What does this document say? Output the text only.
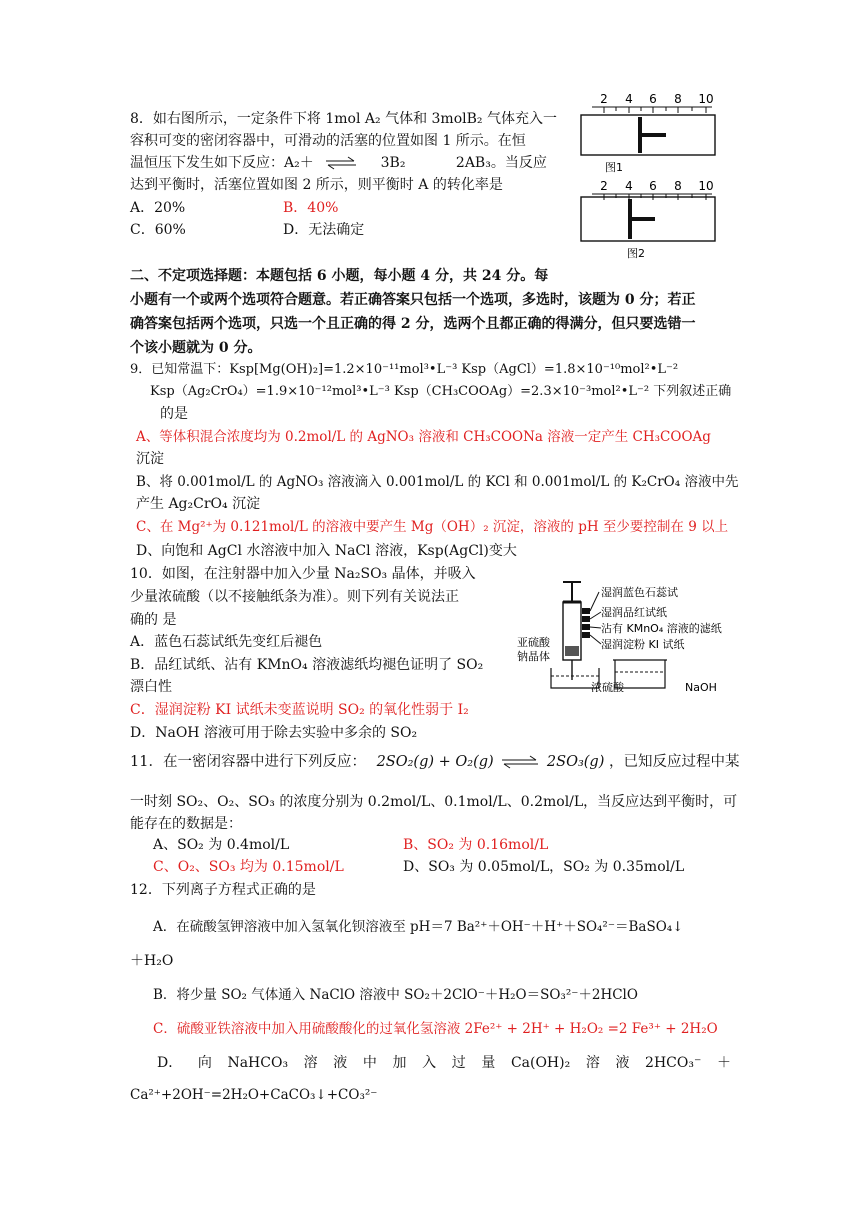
8．如右图所示，一定条件下将 1mol A₂ 气体和 3molB₂ 气体充入一
容积可变的密闭容器中，可滑动的活塞的位置如图 1 所示。在恒
温恒压下发生如下反应：A₂＋ ⇌ 3B₂	2AB₃。当反应
达到平衡时，活塞位置如图 2 所示，则平衡时 A 的转化率是
A．20%	B．40%
C．60%	D．无法确定
2 4 6 8 10
图1
2 4 6 8 10
图2
二、不定项选择题：本题包括 6 小题，每小题 4 分，共 24 分。每
小题有一个或两个选项符合题意。若正确答案只包括一个选项，多选时，该题为 0 分；若正
确答案包括两个选项，只选一个且正确的得 2 分，选两个且都正确的得满分，但只要选错一
个该小题就为 0 分。
9．已知常温下：Ksp[Mg(OH)₂]=1.2×10⁻¹¹mol³•L⁻³ Ksp（AgCl）=1.8×10⁻¹⁰mol²•L⁻²
Ksp（Ag₂CrO₄）=1.9×10⁻¹²mol³•L⁻³ Ksp（CH₃COOAg）=2.3×10⁻³mol²•L⁻² 下列叙述正确
的是
A、等体积混合浓度均为 0.2mol/L 的 AgNO₃ 溶液和 CH₃COONa 溶液一定产生 CH₃COOAg
沉淀
B、将 0.001mol/L 的 AgNO₃ 溶液滴入 0.001mol/L 的 KCl 和 0.001mol/L 的 K₂CrO₄ 溶液中先
产生 Ag₂CrO₄ 沉淀
C、在 Mg²⁺为 0.121mol/L 的溶液中要产生 Mg（OH）₂ 沉淀，溶液的 pH 至少要控制在 9 以上
D、向饱和 AgCl 水溶液中加入 NaCl 溶液，Ksp(AgCl)变大
10．如图，在注射器中加入少量 Na₂SO₃ 晶体，并吸入
少量浓硫酸（以不接触纸条为准）。则下列有关说法正
确的 是
A．蓝色石蕊试纸先变红后褪色
B．品红试纸、沾有 KMnO₄ 溶液滤纸均褪色证明了 SO₂
漂白性
C．湿润淀粉 KI 试纸未变蓝说明 SO₂ 的氧化性弱于 I₂
D．NaOH 溶液可用于除去实验中多余的 SO₂
湿润蓝色石蕊试
湿润品红试纸
沾有 KMnO₄ 溶液的滤纸
湿润淀粉 KI 试纸
亚硫酸
钠晶体
浓硫酸	NaOH
11．在一密闭容器中进行下列反应： 2SO₂(g) + O₂(g) ⇌ 2SO₃(g) ，已知反应过程中某
一时刻 SO₂、O₂、SO₃ 的浓度分别为 0.2mol/L、0.1mol/L、0.2mol/L，当反应达到平衡时，可
能存在的数据是：
A、SO₂ 为 0.4mol/L	B、SO₂ 为 0.16mol/L
C、O₂、SO₃ 均为 0.15mol/L	D、SO₃ 为 0.05mol/L，SO₂ 为 0.35mol/L
12．下列离子方程式正确的是
A．在硫酸氢钾溶液中加入氢氧化钡溶液至 pH＝7 Ba²⁺＋OH⁻＋H⁺＋SO₄²⁻＝BaSO₄↓
＋H₂O
B．将少量 SO₂ 气体通入 NaClO 溶液中 SO₂＋2ClO⁻＋H₂O＝SO₃²⁻＋2HClO
C．硫酸亚铁溶液中加入用硫酸酸化的过氧化氢溶液 2Fe²⁺ + 2H⁺ + H₂O₂ =2 Fe³⁺ + 2H₂O
D． 向 NaHCO₃ 溶 液 中 加 入 过 量 Ca(OH)₂ 溶 液 2HCO₃⁻ ＋
Ca²⁺+2OH⁻=2H₂O+CaCO₃↓+CO₃²⁻
